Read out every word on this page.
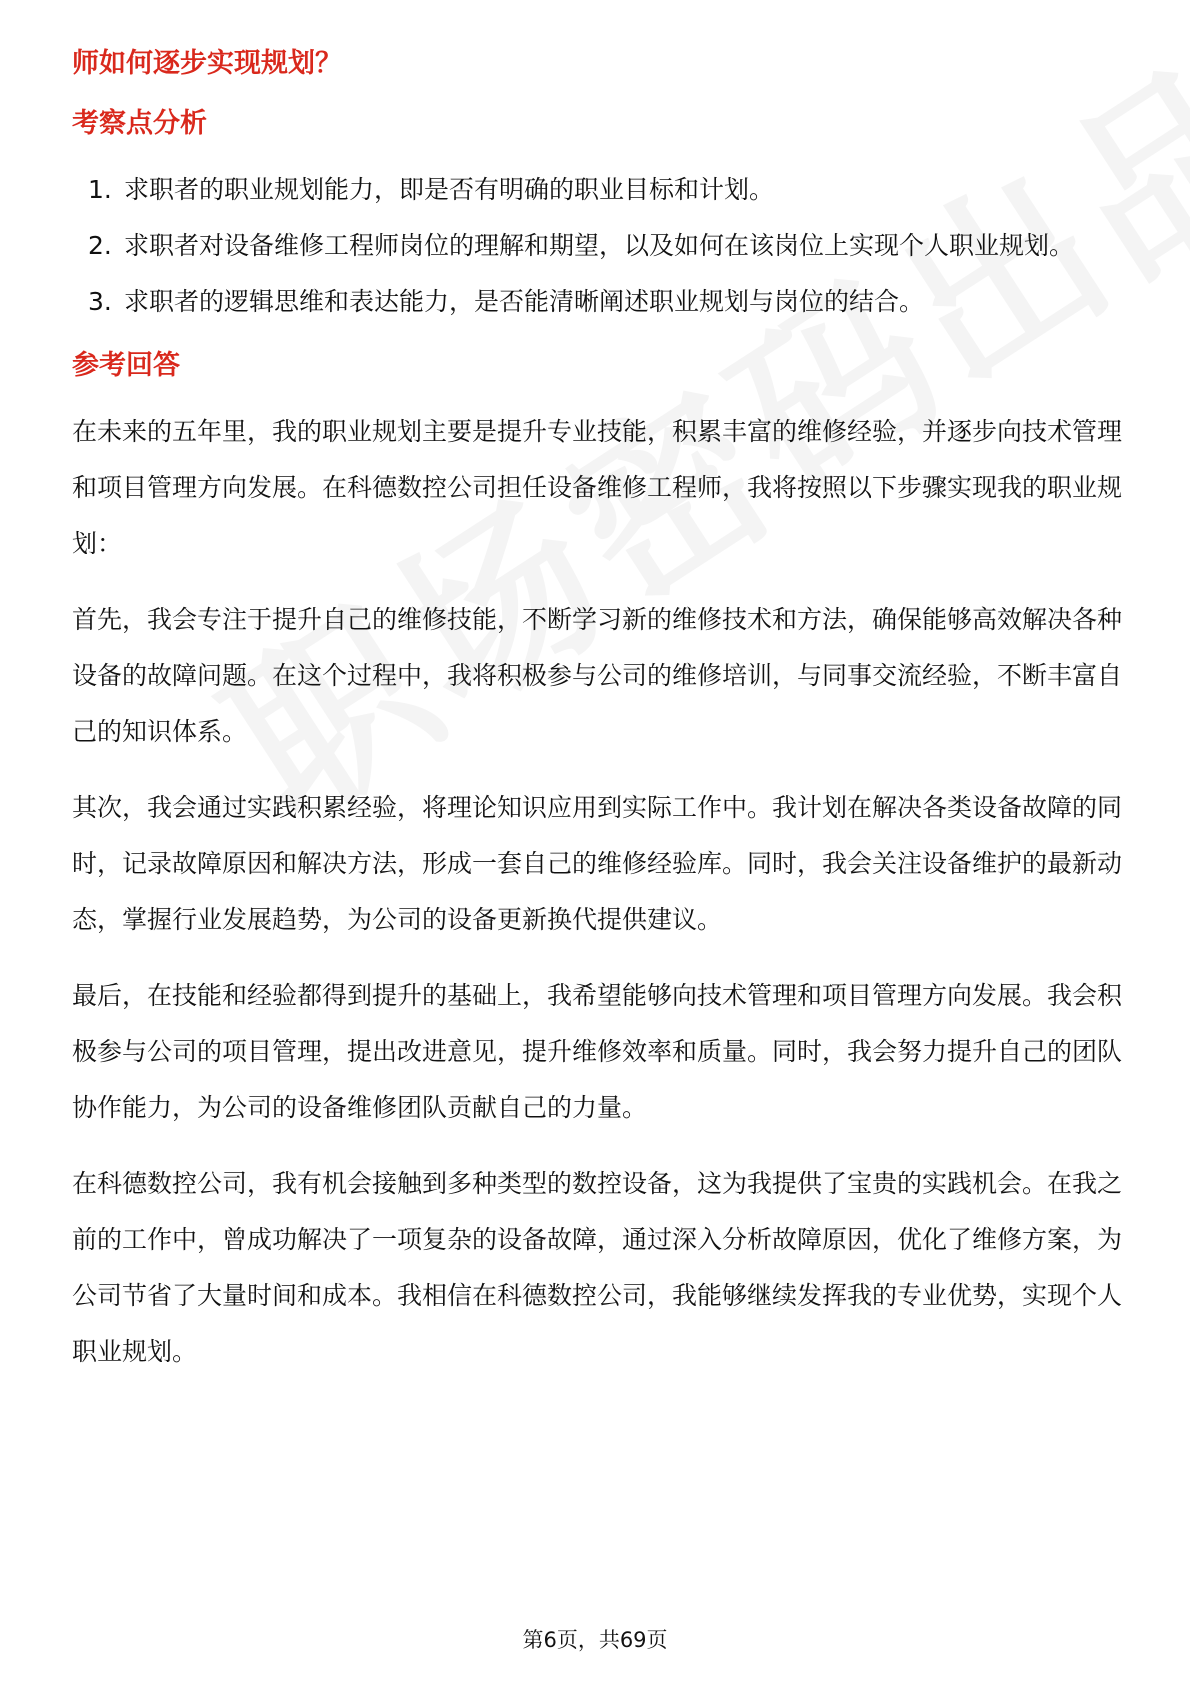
师如何逐步实现规划？
考察点分析
1. 求职者的职业规划能力，即是否有明确的职业目标和计划。
2. 求职者对设备维修工程师岗位的理解和期望，以及如何在该岗位上实现个人职业规划。
3. 求职者的逻辑思维和表达能力，是否能清晰阐述职业规划与岗位的结合。
参考回答

在未来的五年里，我的职业规划主要是提升专业技能，积累丰富的维修经验，并逐步向技术管理和项目管理方向发展。在科德数控公司担任设备维修工程师，我将按照以下步骤实现我的职业规划：

首先，我会专注于提升自己的维修技能，不断学习新的维修技术和方法，确保能够高效解决各种设备的故障问题。在这个过程中，我将积极参与公司的维修培训，与同事交流经验，不断丰富自己的知识体系。

其次，我会通过实践积累经验，将理论知识应用到实际工作中。我计划在解决各类设备故障的同时，记录故障原因和解决方法，形成一套自己的维修经验库。同时，我会关注设备维护的最新动态，掌握行业发展趋势，为公司的设备更新换代提供建议。

最后，在技能和经验都得到提升的基础上，我希望能够向技术管理和项目管理方向发展。我会积极参与公司的项目管理，提出改进意见，提升维修效率和质量。同时，我会努力提升自己的团队协作能力，为公司的设备维修团队贡献自己的力量。

在科德数控公司，我有机会接触到多种类型的数控设备，这为我提供了宝贵的实践机会。在我之前的工作中，曾成功解决了一项复杂的设备故障，通过深入分析故障原因，优化了维修方案，为公司节省了大量时间和成本。我相信在科德数控公司，我能够继续发挥我的专业优势，实现个人职业规划。

第6页，共69页
